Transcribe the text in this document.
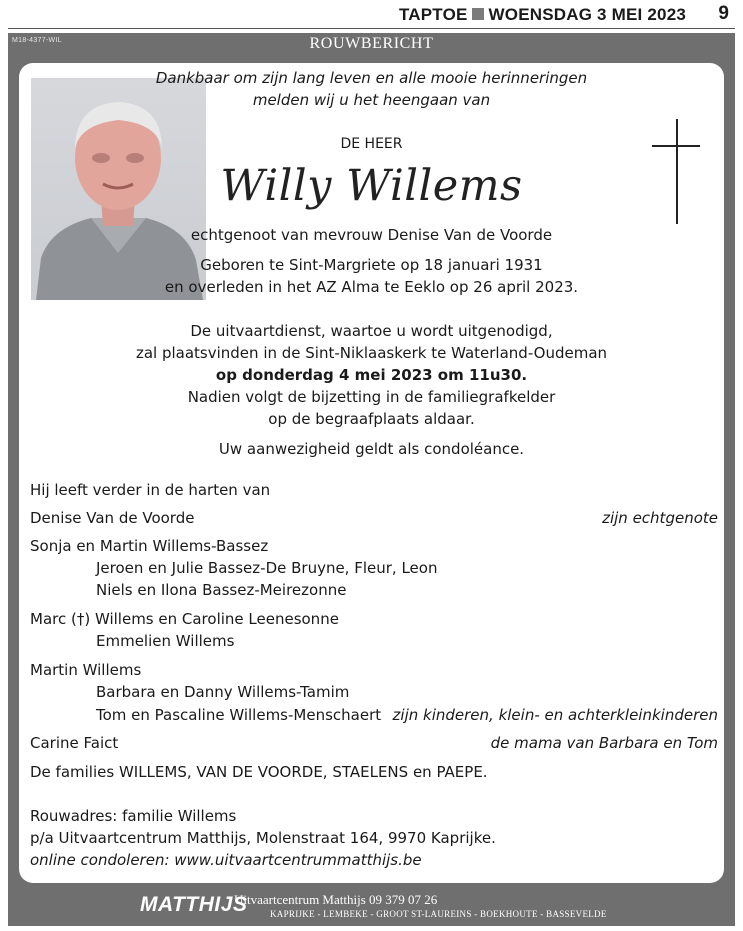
TAPTOE WOENSDAG 3 MEI 2023 9
M18-4377-WIL	ROUWBERICHT
Dankbaar om zijn lang leven en alle mooie herinneringen
melden wij u het heengaan van
DE HEER
Willy Willems
echtgenoot van mevrouw Denise Van de Voorde
Geboren te Sint-Margriete op 18 januari 1931
en overleden in het AZ Alma te Eeklo op 26 april 2023.
De uitvaartdienst, waartoe u wordt uitgenodigd,
zal plaatsvinden in de Sint-Niklaaskerk te Waterland-Oudeman
op donderdag 4 mei 2023 om 11u30.
Nadien volgt de bijzetting in de familiegrafkelder
op de begraafplaats aldaar.
Uw aanwezigheid geldt als condoléance.
Hij leeft verder in de harten van
Denise Van de Voorde	zijn echtgenote
Sonja en Martin Willems-Bassez
Jeroen en Julie Bassez-De Bruyne, Fleur, Leon
Niels en Ilona Bassez-Meirezonne
Marc (†) Willems en Caroline Leenesonne
Emmelien Willems
Martin Willems
Barbara en Danny Willems-Tamim
Tom en Pascaline Willems-Menschaert zijn kinderen, klein- en achterkleinkinderen
Carine Faict	de mama van Barbara en Tom
De families WILLEMS, VAN DE VOORDE, STAELENS en PAEPE.
Rouwadres: familie Willems
p/a Uitvaartcentrum Matthijs, Molenstraat 164, 9970 Kaprijke.
online condoleren: www.uitvaartcentrummatthijs.be
MATTHIJS
Uitvaartcentrum Matthijs 09 379 07 26
KAPRIJKE - LEMBEKE - GROOT ST-LAUREINS - BOEKHOUTE - BASSEVELDE
